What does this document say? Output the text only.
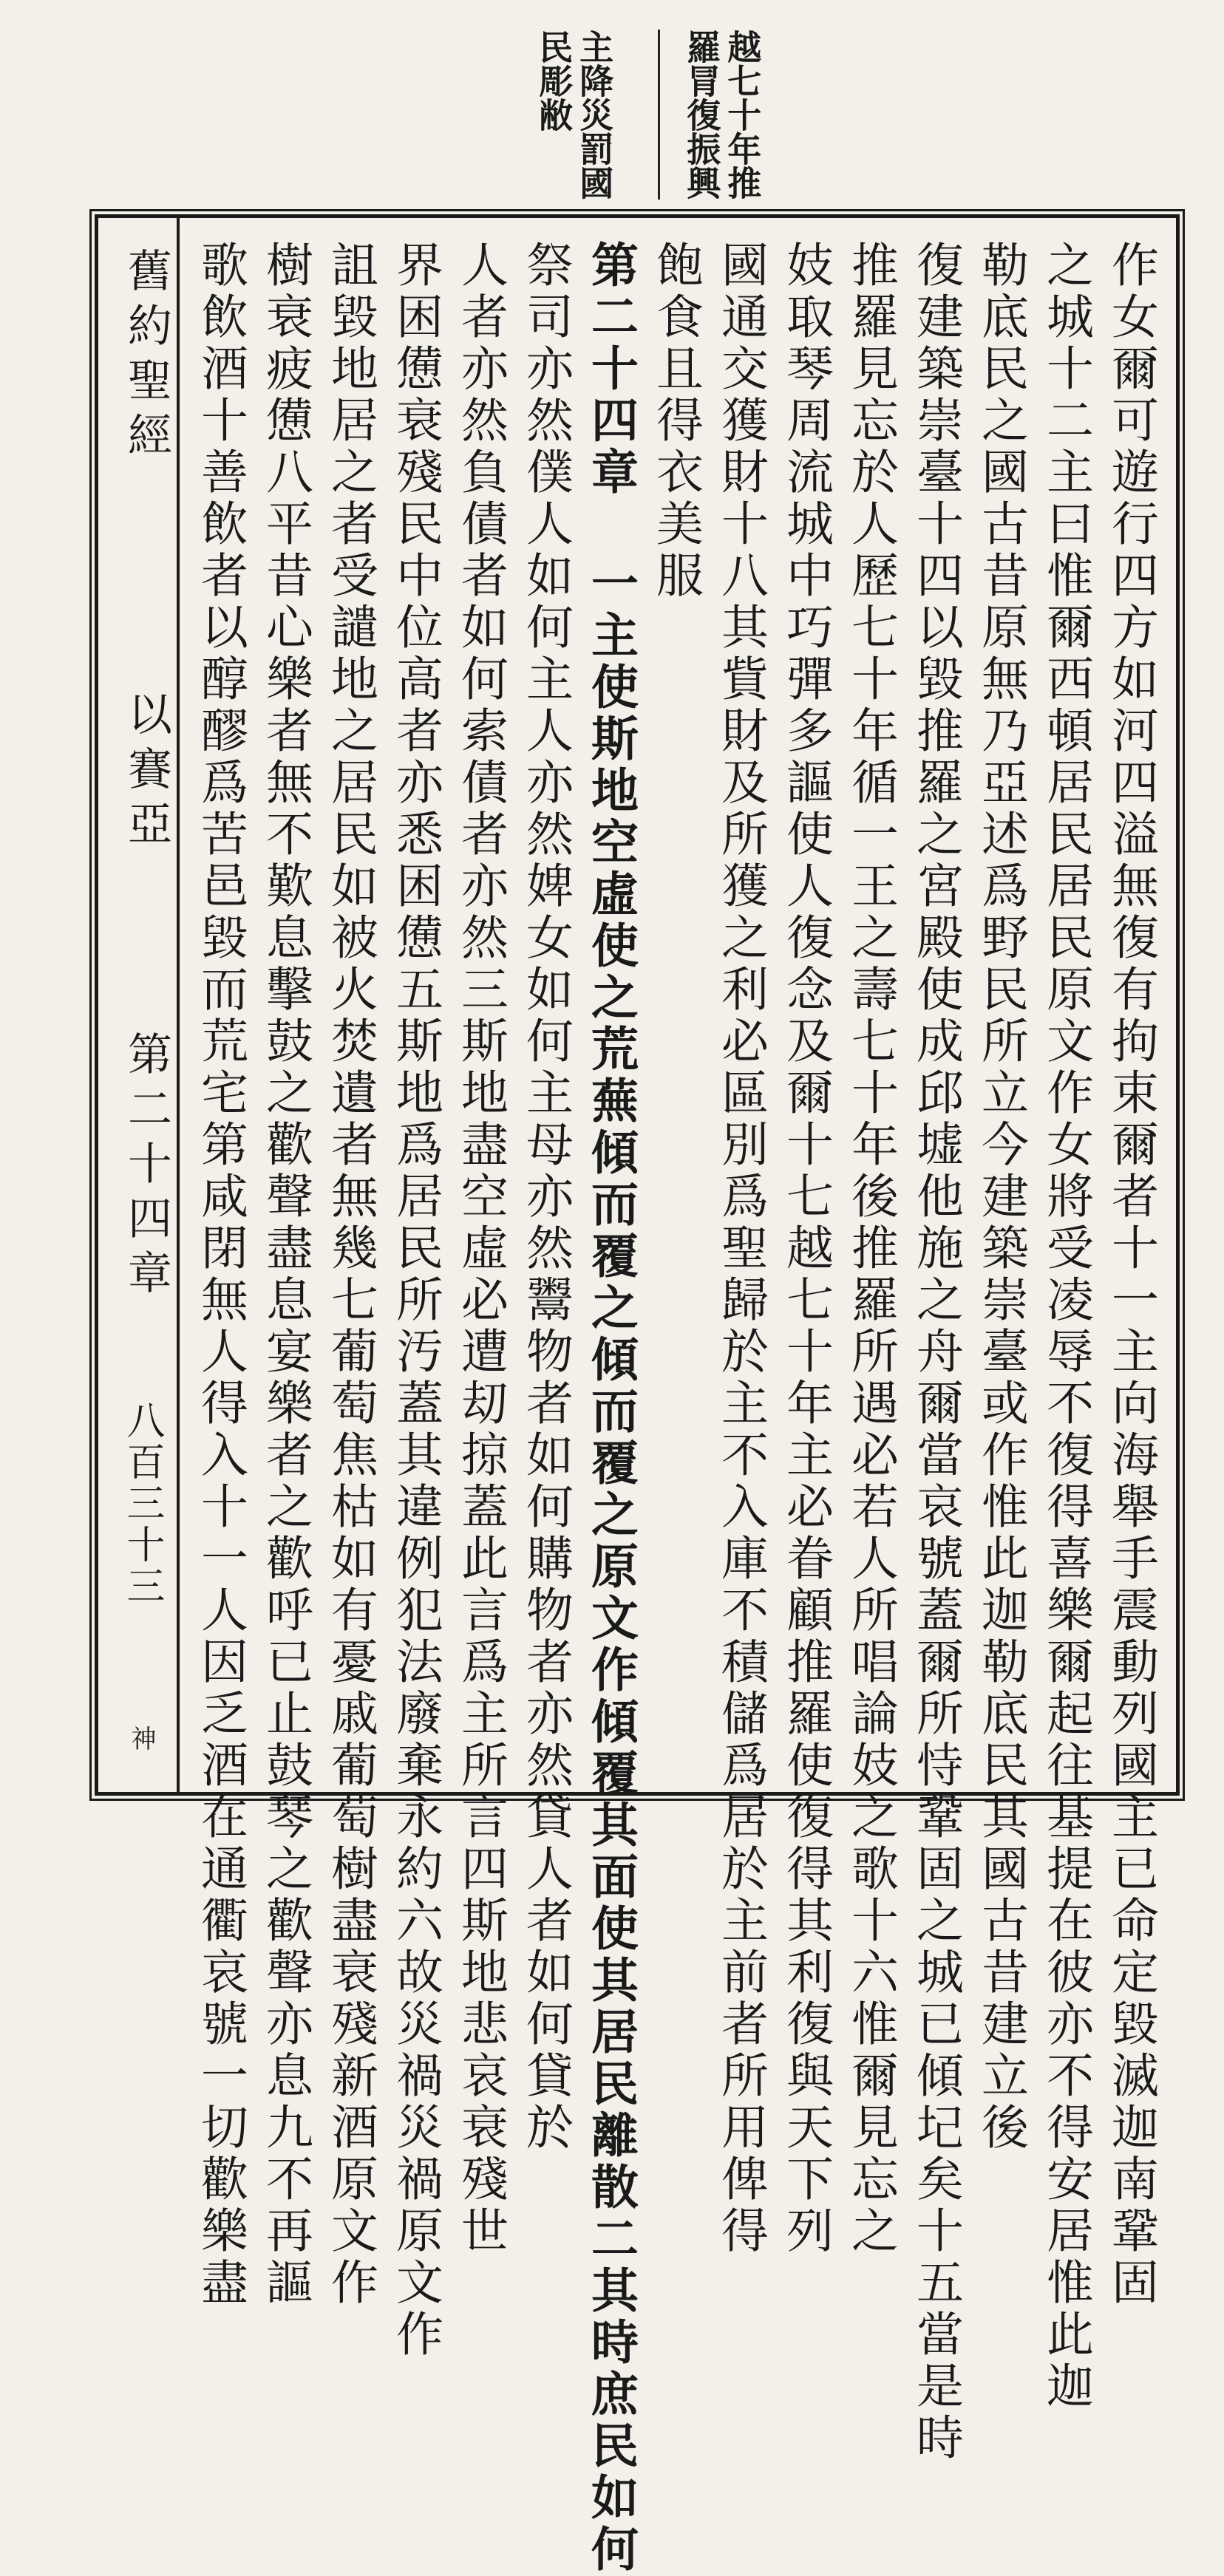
越七十年推
羅冐復振興
主降災罰國
民彫敝
舊約聖經
以賽亞
第二十四章
八百三十三
神	作女爾可遊行四方如河四溢無復有拘束爾者十一主向海舉手震動列國主已命定毀滅迦南鞏固
之城十二主曰惟爾西頓居民居民原文作女將受凌辱不復得喜樂爾起往基提在彼亦不得安居惟此迦
勒底民之國古昔原無乃亞述爲野民所立今建築崇臺或作惟此迦勒底民其國古昔建立後
復建築崇臺十四以毀推羅之宮殿使成邱墟他施之舟爾當哀號蓋爾所恃鞏固之城已傾圮矣十五當是時
推羅見忘於人歷七十年循一王之壽七十年後推羅所遇必若人所唱論妓之歌十六惟爾見忘之
妓取琴周流城中巧彈多謳使人復念及爾十七越七十年主必眷顧推羅使復得其利復與天下列
國通交獲財十八其貲財及所獲之利必區別爲聖歸於主不入庫不積儲爲居於主前者所用俾得
飽食且得衣美服
第二十四章 一主使斯地空虛使之荒蕪傾而覆之傾而覆之原文作傾覆其面使其居民離散二其時庶民如何
祭司亦然僕人如何主人亦然婢女如何主母亦然鬻物者如何購物者亦然貸人者如何貸於
人者亦然負債者如何索債者亦然三斯地盡空虛必遭刧掠蓋此言爲主所言四斯地悲哀衰殘世
界困憊衰殘民中位高者亦悉困憊五斯地爲居民所汚蓋其違例犯法廢棄永約六故災禍災禍原文作
詛毀地居之者受譴地之居民如被火焚遺者無幾七葡萄焦枯如有憂戚葡萄樹盡衰殘新酒原文作
樹衰疲憊八平昔心樂者無不歎息擊鼓之歡聲盡息宴樂者之歡呼已止鼓琴之歡聲亦息九不再謳
歌飲酒十善飲者以醇醪爲苦邑毀而荒宅第咸閉無人得入十一人因乏酒在通衢哀號一切歡樂盡
